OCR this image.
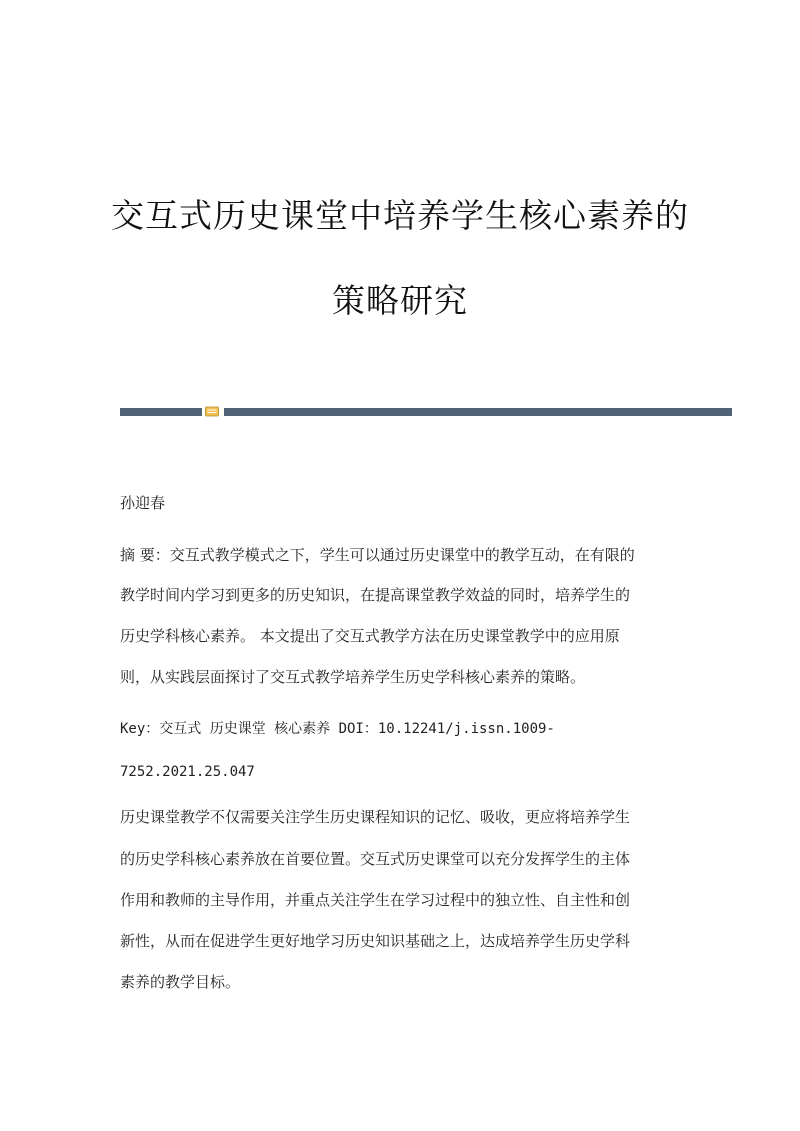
交互式历史课堂中培养学生核心素养的
策略研究
孙迎春
摘 要：交互式教学模式之下，学生可以通过历史课堂中的教学互动，在有限的
教学时间内学习到更多的历史知识，在提高课堂教学效益的同时，培养学生的
历史学科核心素养。 本文提出了交互式教学方法在历史课堂教学中的应用原
则，从实践层面探讨了交互式教学培养学生历史学科核心素养的策略。
Key：交互式 历史课堂 核心素养 DOI：10.12241/j.issn.1009-
7252.2021.25.047
历史课堂教学不仅需要关注学生历史课程知识的记忆、吸收，更应将培养学生
的历史学科核心素养放在首要位置。交互式历史课堂可以充分发挥学生的主体
作用和教师的主导作用，并重点关注学生在学习过程中的独立性、自主性和创
新性，从而在促进学生更好地学习历史知识基础之上，达成培养学生历史学科
素养的教学目标。
